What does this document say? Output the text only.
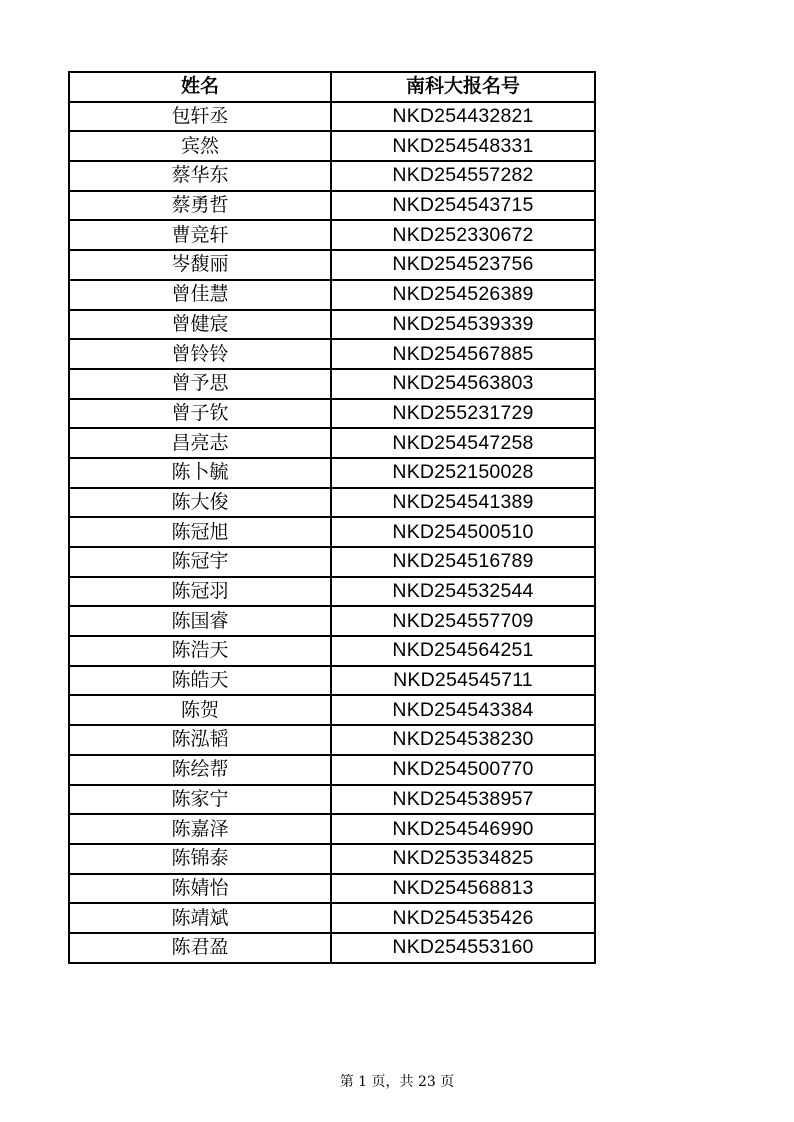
姓名	南科大报名号
包轩丞	NKD254432821
宾然	NKD254548331
蔡华东	NKD254557282
蔡勇哲	NKD254543715
曹竞轩	NKD252330672
岑馥丽	NKD254523756
曾佳慧	NKD254526389
曾健宸	NKD254539339
曾铃铃	NKD254567885
曾予思	NKD254563803
曾子钦	NKD255231729
昌亮志	NKD254547258
陈卜毓	NKD252150028
陈大俊	NKD254541389
陈冠旭	NKD254500510
陈冠宇	NKD254516789
陈冠羽	NKD254532544
陈国睿	NKD254557709
陈浩天	NKD254564251
陈皓天	NKD254545711
陈贺	NKD254543384
陈泓韬	NKD254538230
陈绘帮	NKD254500770
陈家宁	NKD254538957
陈嘉泽	NKD254546990
陈锦泰	NKD253534825
陈婧怡	NKD254568813
陈靖斌	NKD254535426
陈君盈	NKD254553160
第 1 页，共 23 页
